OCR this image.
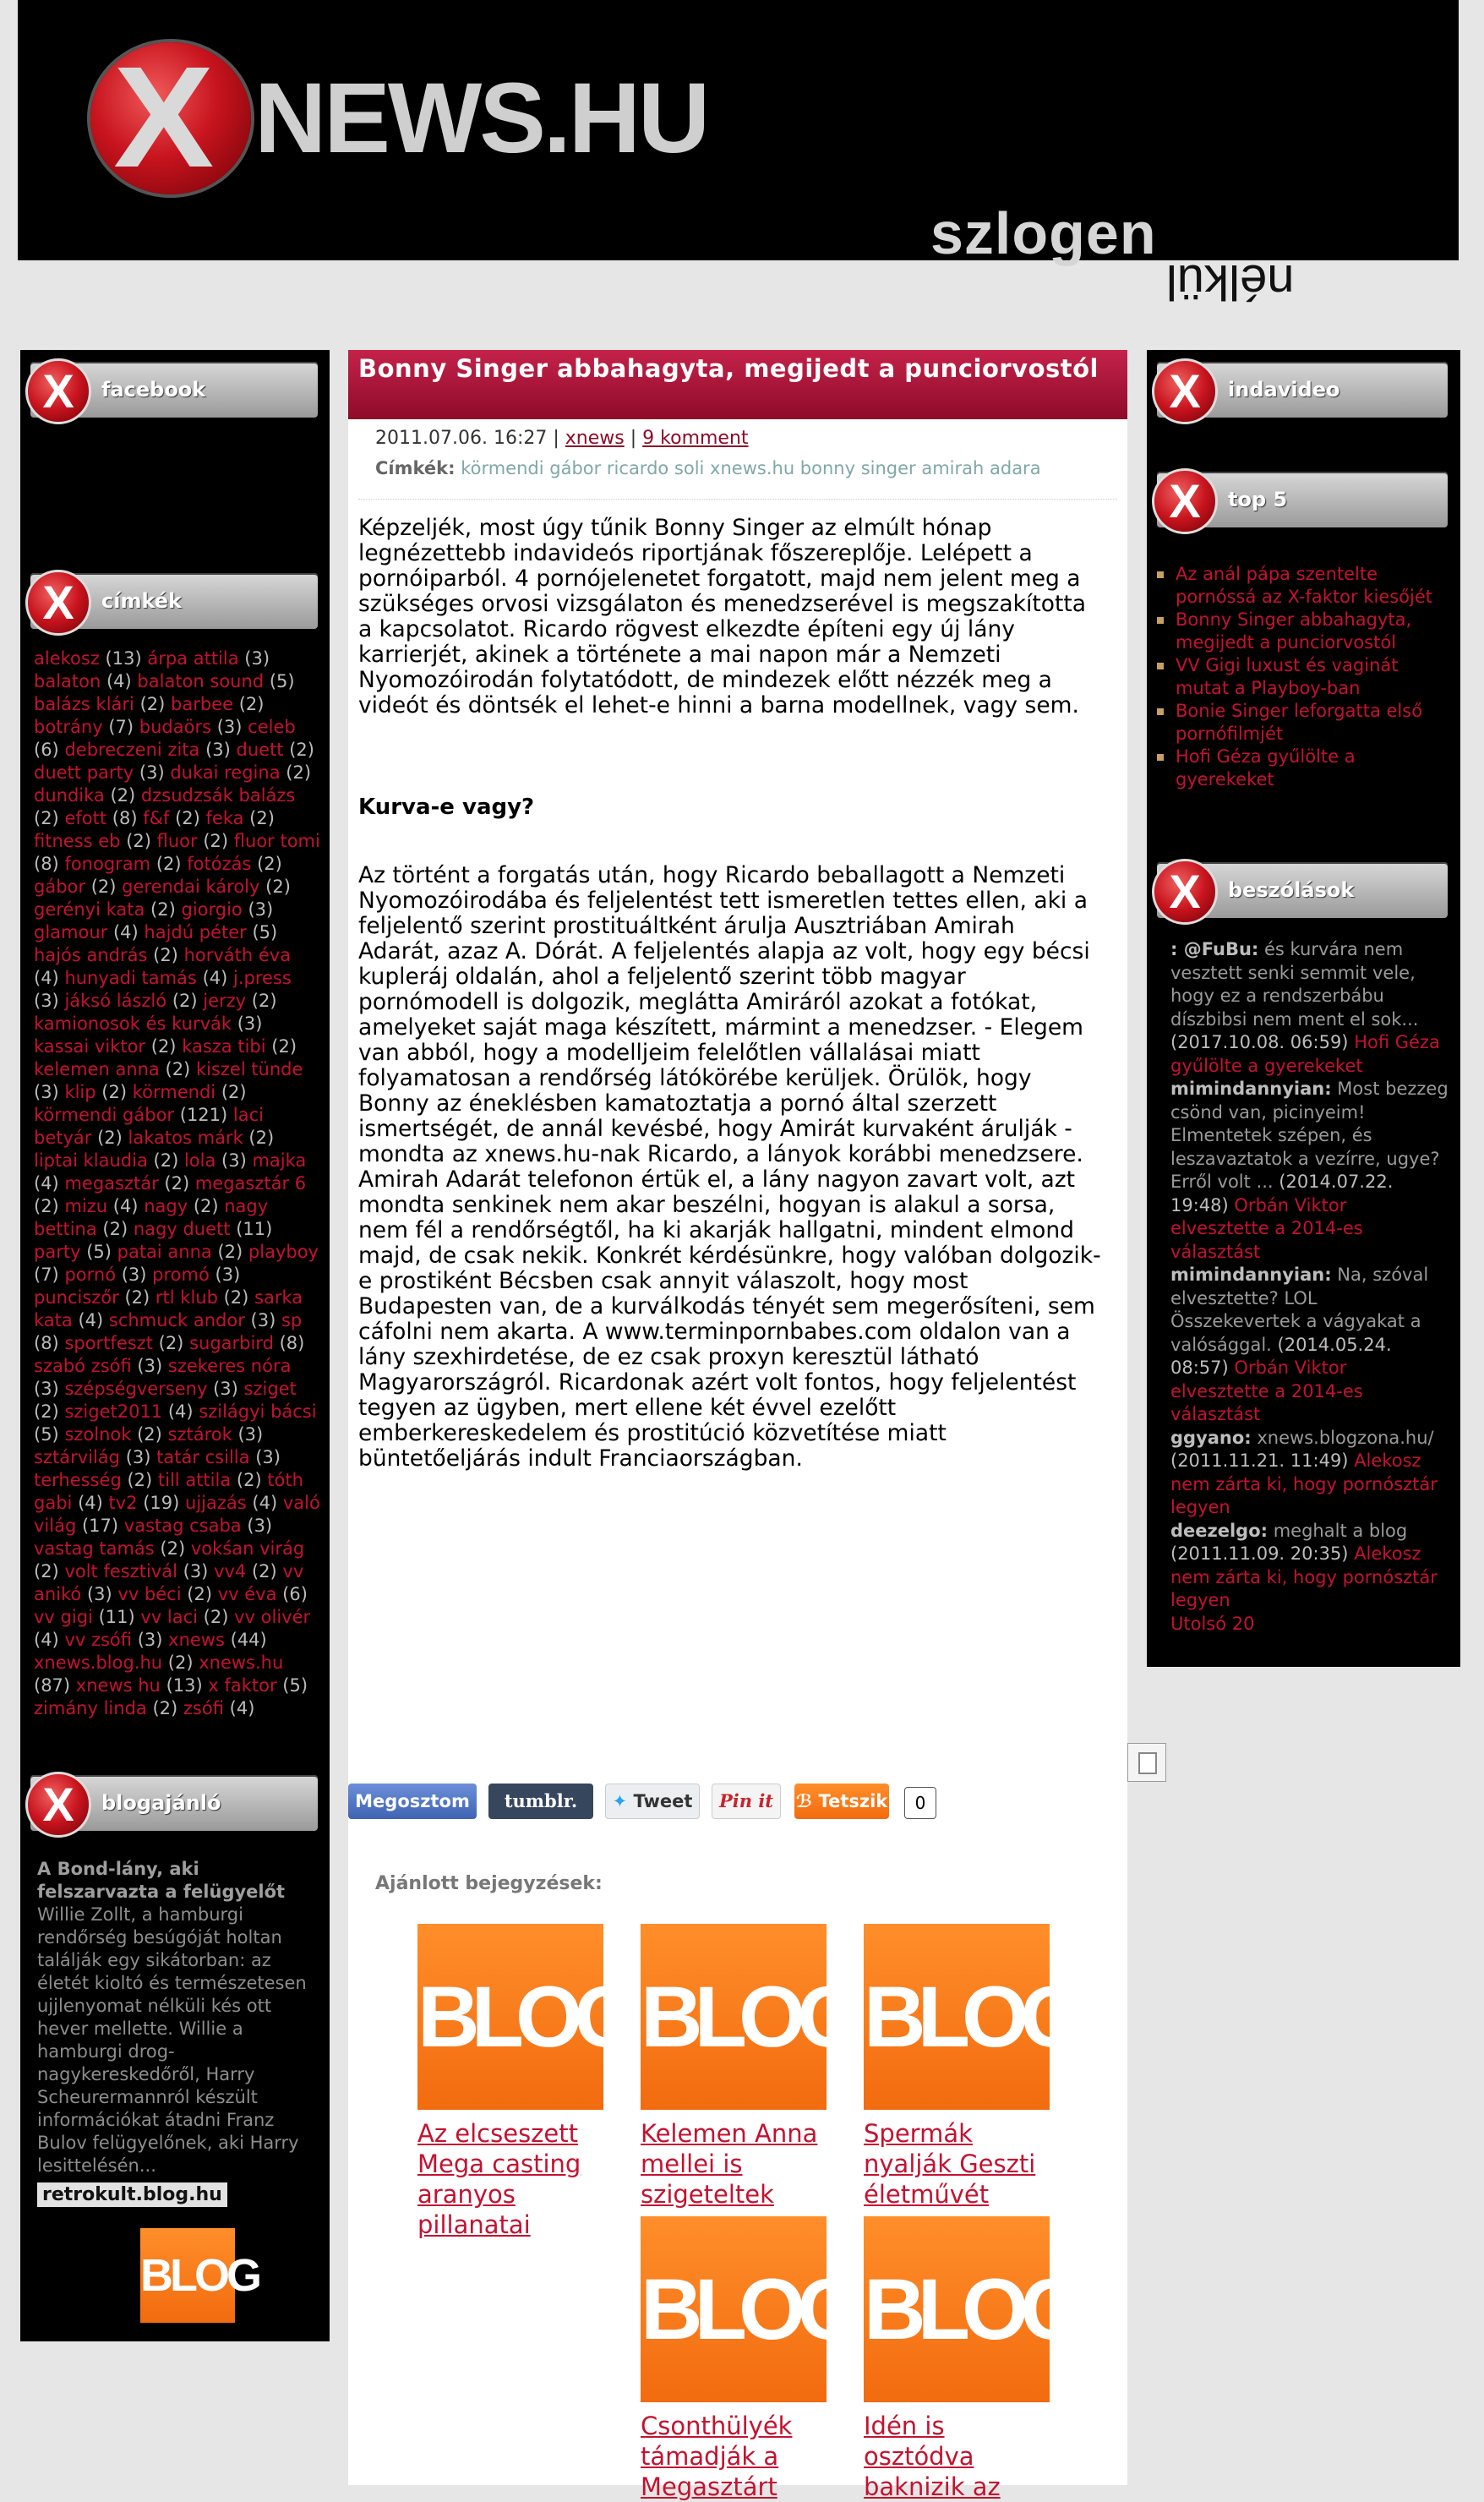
X NEWS.HU
szlogen
nélkül
X	facebook
X	címkék
alekosz (13) árpa attila (3) balaton (4) balaton sound (5) balázs klári (2) barbee (2) botrány (7) budaörs (3) celeb (6) debreczeni zita (3) duett (2) duett party (3) dukai regina (2) dundika (2) dzsudzsák balázs (2) efott (8) f&f (2) feka (2) fitness eb (2) fluor (2) fluor tomi (8) fonogram (2) fotózás (2) gábor (2) gerendai károly (2) gerényi kata (2) giorgio (3) glamour (4) hajdú péter (5) hajós andrás (2) horváth éva (4) hunyadi tamás (4) j.press (3) jáksó lászló (2) jerzy (2) kamionosok és kurvák (3) kassai viktor (2) kasza tibi (2) kelemen anna (2) kiszel tünde (3) klip (2) körmendi (2) körmendi gábor (121) laci betyár (2) lakatos márk (2) liptai klaudia (2) lola (3) majka (4) megasztár (2) megasztár 6 (2) mizu (4) nagy (2) nagy bettina (2) nagy duett (11) party (5) patai anna (2) playboy (7) pornó (3) promó (3) punciszőr (2) rtl klub (2) sarka kata (4) schmuck andor (3) sp (8) sportfeszt (2) sugarbird (8) szabó zsófi (3) szekeres nóra (3) szépségverseny (3) sziget (2) sziget2011 (4) szilágyi bácsi (5) szolnok (2) sztárok (3) sztárvilág (3) tatár csilla (3) terhesség (2) till attila (2) tóth gabi (4) tv2 (19) ujjazás (4) való világ (17) vastag csaba (3) vastag tamás (2) vokśan virág (2) volt fesztivál (3) vv4 (2) vv anikó (3) vv béci (2) vv éva (6) vv gigi (11) vv laci (2) vv olivér (4) vv zsófi (3) xnews (44) xnews.blog.hu (2) xnews.hu (87) xnews hu (13) x faktor (5) zimány linda (2) zsófi (4)
X	blogajánló
A Bond-lány, aki felszarvazta a felügyelőt
Willie Zollt, a hamburgi rendőrség besúgóját holtan találják egy sikátorban: az életét kioltó és természetesen ujjlenyomat nélküli kés ott hever mellette. Willie a hamburgi drog-nagykereskedőről, Harry Scheurermannról készült információkat átadni Franz Bulov felügyelőnek, aki Harry lesittelésén...
retrokult.blog.hu
BLOG
Bonny Singer abbahagyta, megijedt a punciorvostól
2011.07.06. 16:27 | xnews | 9 komment
Címkék: körmendi gábor ricardo soli xnews.hu bonny singer amirah adara

Képzeljék, most úgy tűnik Bonny Singer az elmúlt hónap legnézettebb indavideós riportjának főszereplője. Lelépett a pornóiparból. 4 pornójelenetet forgatott, majd nem jelent meg a szükséges orvosi vizsgálaton és menedzserével is megszakította a kapcsolatot. Ricardo rögvest elkezdte építeni egy új lány karrierjét, akinek a története a mai napon már a Nemzeti Nyomozóirodán folytatódott, de mindezek előtt nézzék meg a videót és döntsék el lehet-e hinni a barna modellnek, vagy sem.

Kurva-e vagy?

Az történt a forgatás után, hogy Ricardo beballagott a Nemzeti Nyomozóirodába és feljelentést tett ismeretlen tettes ellen, aki a feljelentő szerint prostituáltként árulja Ausztriában Amirah Adarát, azaz A. Dórát. A feljelentés alapja az volt, hogy egy bécsi kupleráj oldalán, ahol a feljelentő szerint több magyar pornómodell is dolgozik, meglátta Amiráról azokat a fotókat, amelyeket saját maga készített, mármint a menedzser. - Elegem van abból, hogy a modelljeim felelőtlen vállalásai miatt folyamatosan a rendőrség látókörébe kerüljek. Örülök, hogy Bonny az éneklésben kamatoztatja a pornó által szerzett ismertségét, de annál kevésbé, hogy Amirát kurvaként árulják - mondta az xnews.hu-nak Ricardo, a lányok korábbi menedzsere. Amirah Adarát telefonon értük el, a lány nagyon zavart volt, azt mondta senkinek nem akar beszélni, hogyan is alakul a sorsa, nem fél a rendőrségtől, ha ki akarják hallgatni, mindent elmond majd, de csak nekik. Konkrét kérdésünkre, hogy valóban dolgozik-e prostiként Bécsben csak annyit válaszolt, hogy most Budapesten van, de a kurválkodás tényét sem megerősíteni, sem cáfolni nem akarta. A www.terminpornbabes.com oldalon van a lány szexhirdetése, de ez csak proxyn keresztül látható Magyarországról. Ricardonak azért volt fontos, hogy feljelentést tegyen az ügyben, mert ellene két évvel ezelőtt emberkereskedelem és prostitúció közvetítése miatt büntetőeljárás indult Franciaországban.

Megosztom	tumblr.	✦ Tweet	Pin it	ℬ Tetszik	0
Ajánlott bejegyzések:
BLOG
Az elcseszett Mega casting aranyos pillanatai
BLOG
Kelemen Anna mellei is szigeteltek
BLOG
Spermák nyalják Geszti életművét
BLOG
Csonthülyék támadják a Megasztárt
BLOG
Idén is osztódva baknizik az
X	indavideo
X	top 5
Az anál pápa szentelte pornóssá az X-faktor kiesőjét
Bonny Singer abbahagyta, megijedt a punciorvostól
VV Gigi luxust és vaginát mutat a Playboy-ban
Bonie Singer leforgatta első pornófilmjét
Hofi Géza gyűlölte a gyerekeket
X	beszólások
: @FuBu: és kurvára nem vesztett senki semmit vele, hogy ez a rendszerbábu díszbibsi nem ment el sok... (2017.10.08. 06:59) Hofi Géza gyűlölte a gyerekeket
mimindannyian: Most bezzeg csönd van, picinyeim! Elmentetek szépen, és leszavaztatok a vezírre, ugye? Erről volt ... (2014.07.22. 19:48) Orbán Viktor elvesztette a 2014-es választást
mimindannyian: Na, szóval elvesztette? LOL Összekevertek a vágyakat a valósággal. (2014.05.24. 08:57) Orbán Viktor elvesztette a 2014-es választást
ggyano: xnews.blogzona.hu/ (2011.11.21. 11:49) Alekosz nem zárta ki, hogy pornósztár legyen
deezelgo: meghalt a blog (2011.11.09. 20:35) Alekosz nem zárta ki, hogy pornósztár legyen
Utolsó 20
